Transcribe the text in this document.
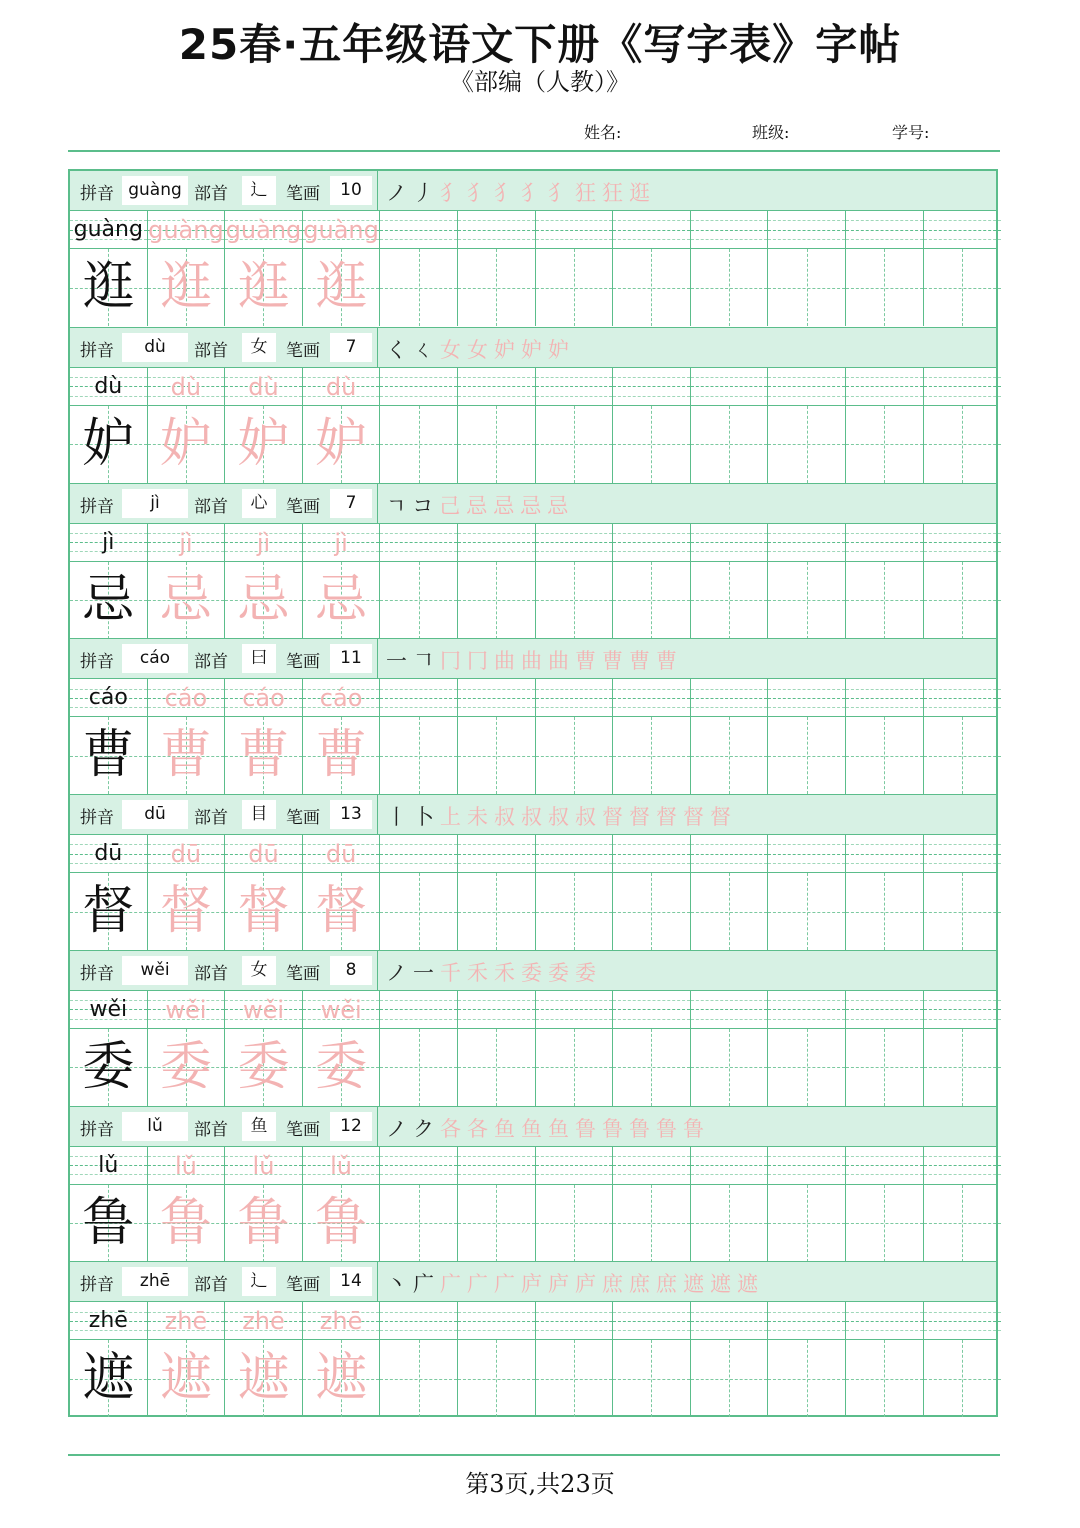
25春·五年级语文下册《写字表》字帖
《部编（人教）》
姓名:	班级:	学号:
拼音 guàng 部首	辶	笔画	10	ノ丿犭犭犭犭犭狂狂逛
guàng guàng guàng guàng
逛 逛 逛 逛
拼音	dù	部首	女	笔画	7	くㄑ女女妒妒妒
dù	dù	dù	dù
妒 妒 妒 妒
拼音	jì	部首	心	笔画	7	ㄱコ己忌忌忌忌
jì	jì	jì	jì
忌 忌 忌 忌
拼音	cáo	部首	曰	笔画	11	一𠃍冂冂曲曲曲曹曹曹曹
cáo	cáo	cáo	cáo
曹 曹 曹 曹
拼音	dū	部首	目	笔画	13	丨卜上未叔叔叔叔督督督督督
dū	dū	dū	dū
督 督 督 督
拼音	wěi	部首	女	笔画	8	ノ一千禾禾委委委
wěi	wěi	wěi	wěi
委 委 委 委
拼音	lǔ	部首	鱼	笔画	12	ノク各各鱼鱼鱼鲁鲁鲁鲁鲁
lǔ	lǔ	lǔ	lǔ
鲁 鲁 鲁 鲁
拼音	zhē	部首	辶	笔画	14	丶广广广广庐庐庐庶庶庶遮遮遮
zhē	zhē	zhē	zhē
遮 遮 遮 遮
第3页,共23页
